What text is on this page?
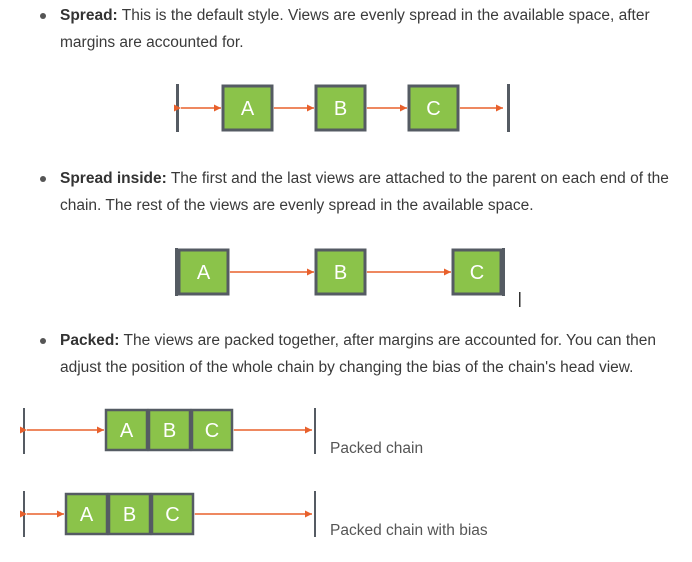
Spread: This is the default style. Views are evenly spread in the available space, after margins are accounted for.
Spread inside: The first and the last views are attached to the parent on each end of the chain. The rest of the views are evenly spread in the available space.
Packed: The views are packed together, after margins are accounted for. You can then adjust the position of the whole chain by changing the bias of the chain's head view.
A	B	C
A	B	C
A B C
A B C
Packed chain
Packed chain with bias
